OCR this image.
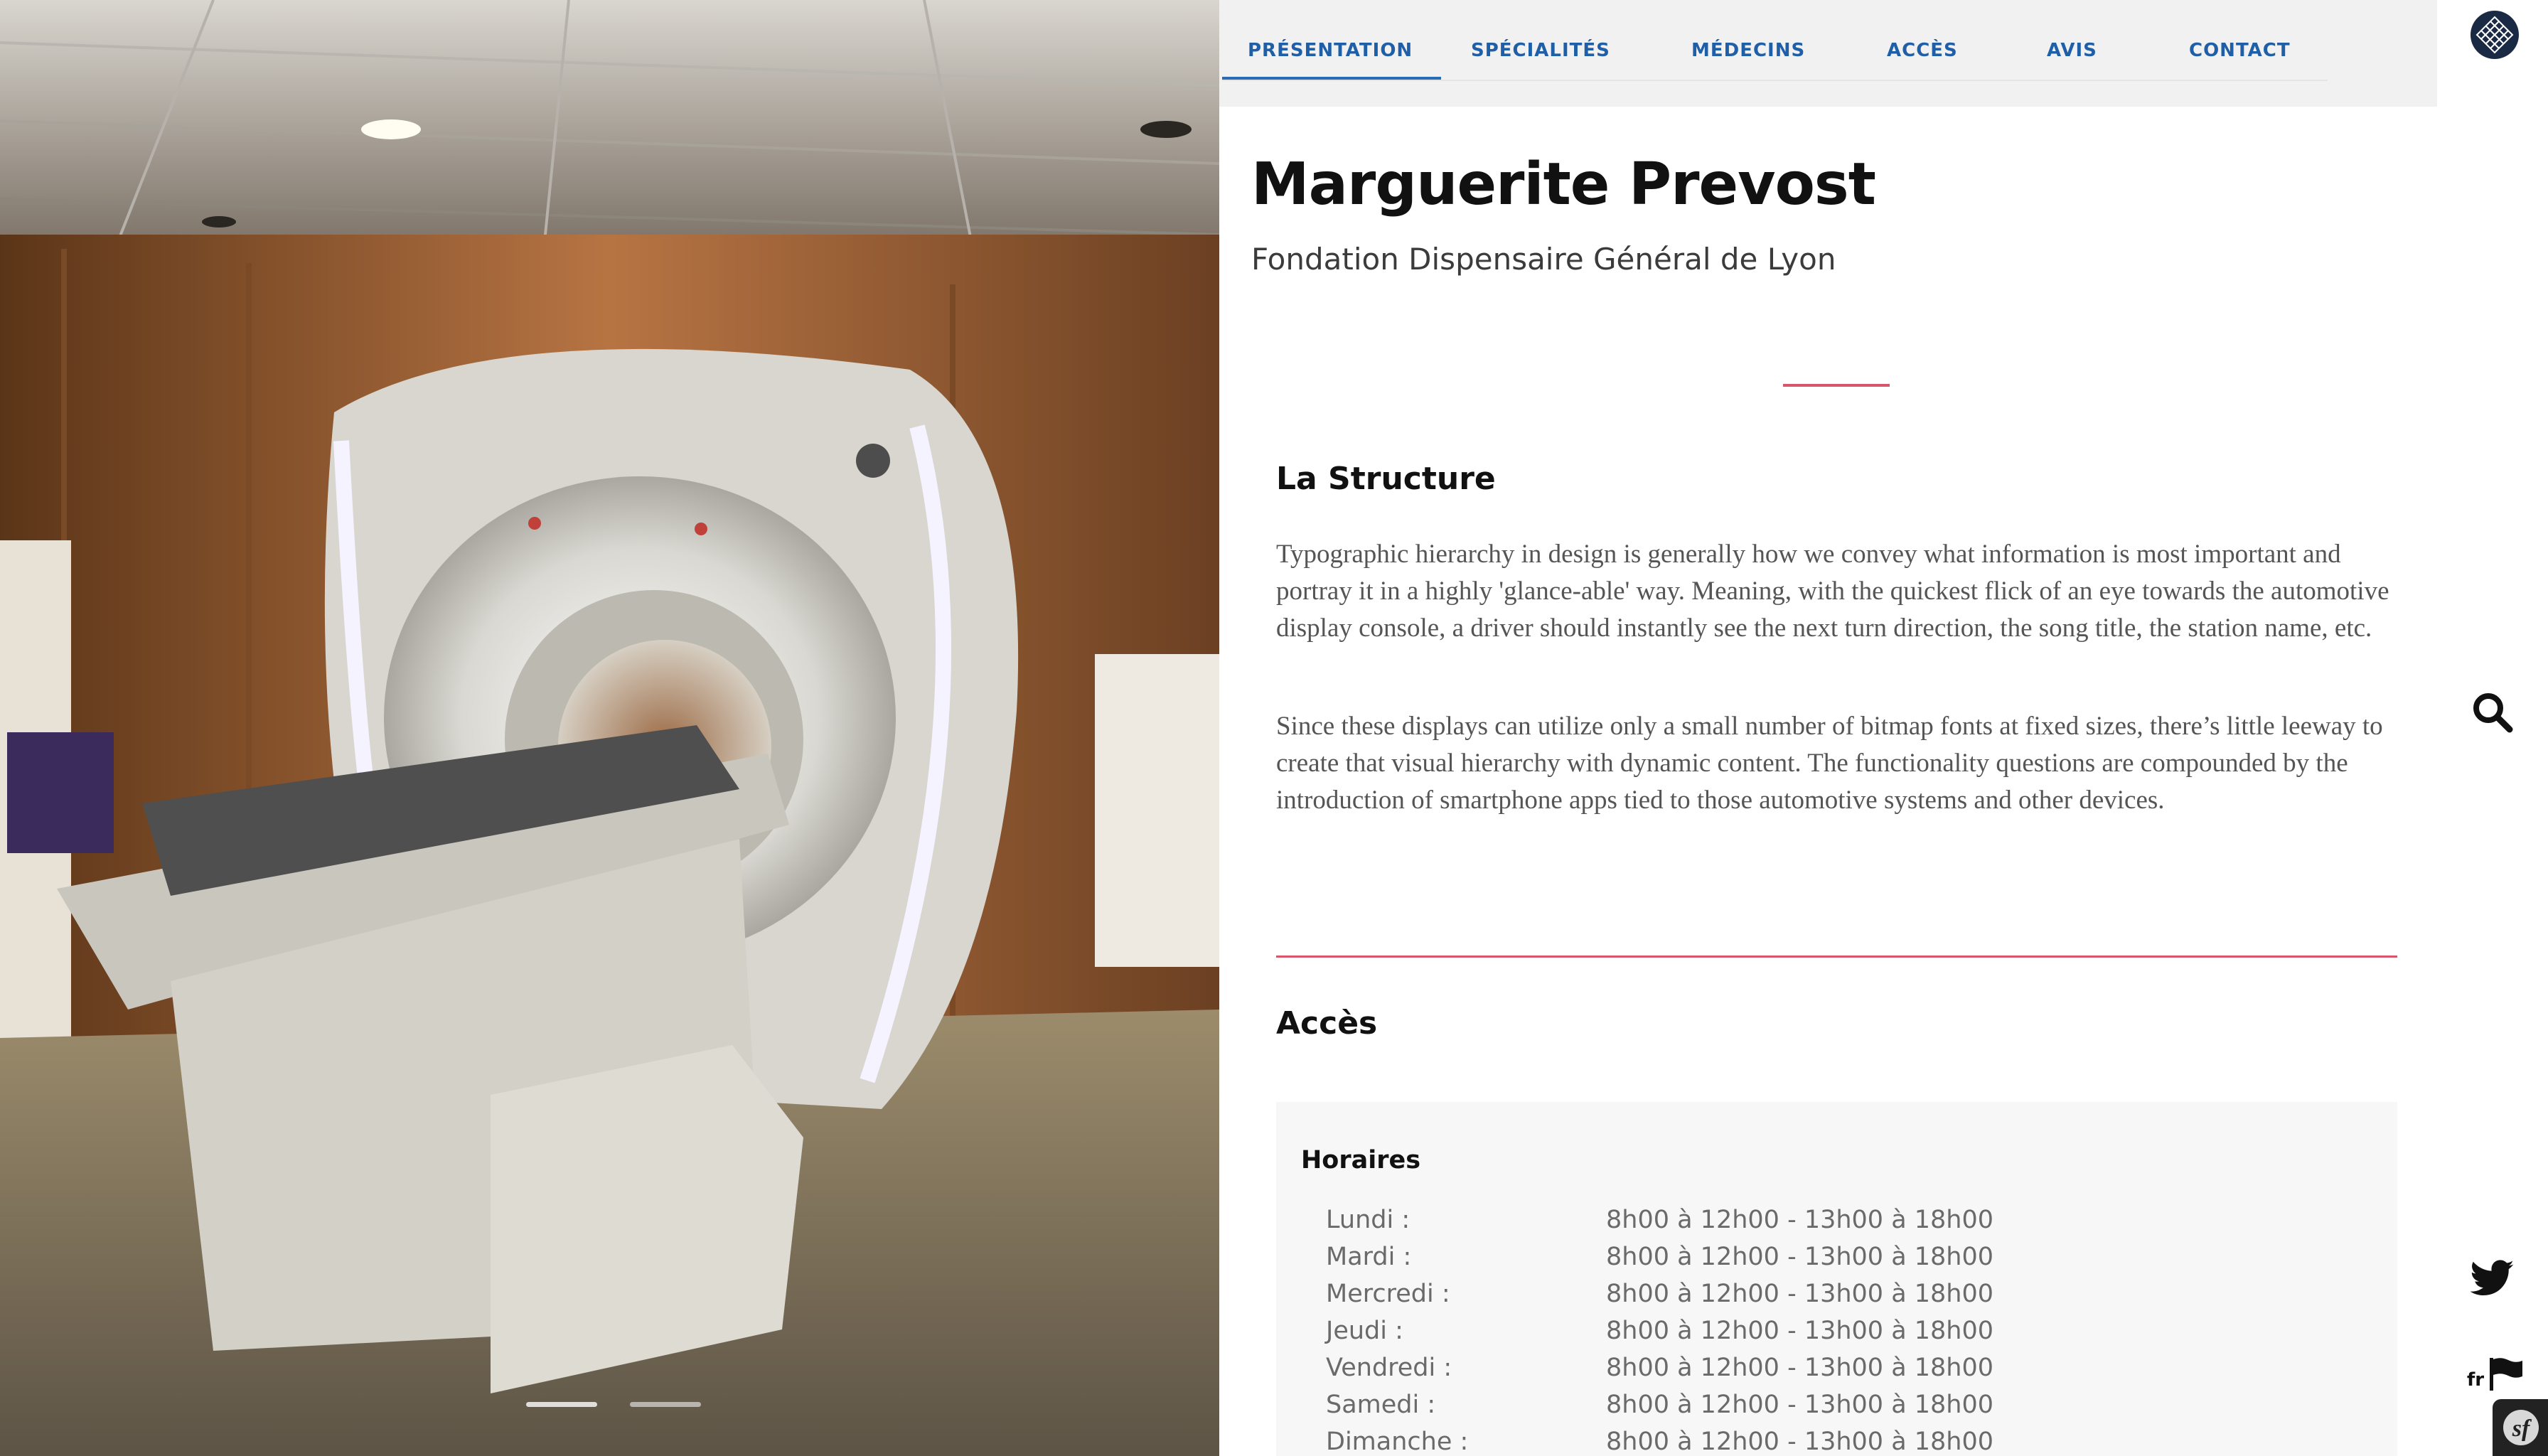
PRÉSENTATION	SPÉCIALITÉS	MÉDECINS	ACCÈS	AVIS	CONTACT
Marguerite Prevost
Fondation Dispensaire Général de Lyon
La Structure

Typographic hierarchy in design is generally how we convey what information is most important and portray it in a highly 'glance-able' way. Meaning, with the quickest flick of an eye towards the automotive display console, a driver should instantly see the next turn direction, the song title, the station name, etc.

Since these displays can utilize only a small number of bitmap fonts at fixed sizes, there’s little leeway to create that visual hierarchy with dynamic content. The functionality questions are compounded by the introduction of smartphone apps tied to those automotive systems and other devices.

Accès
Horaires
Lundi :	8h00 à 12h00 - 13h00 à 18h00
Mardi :	8h00 à 12h00 - 13h00 à 18h00
Mercredi :	8h00 à 12h00 - 13h00 à 18h00
Jeudi :	8h00 à 12h00 - 13h00 à 18h00
Vendredi :	8h00 à 12h00 - 13h00 à 18h00
Samedi :	8h00 à 12h00 - 13h00 à 18h00
Dimanche :	8h00 à 12h00 - 13h00 à 18h00
fr
sf
